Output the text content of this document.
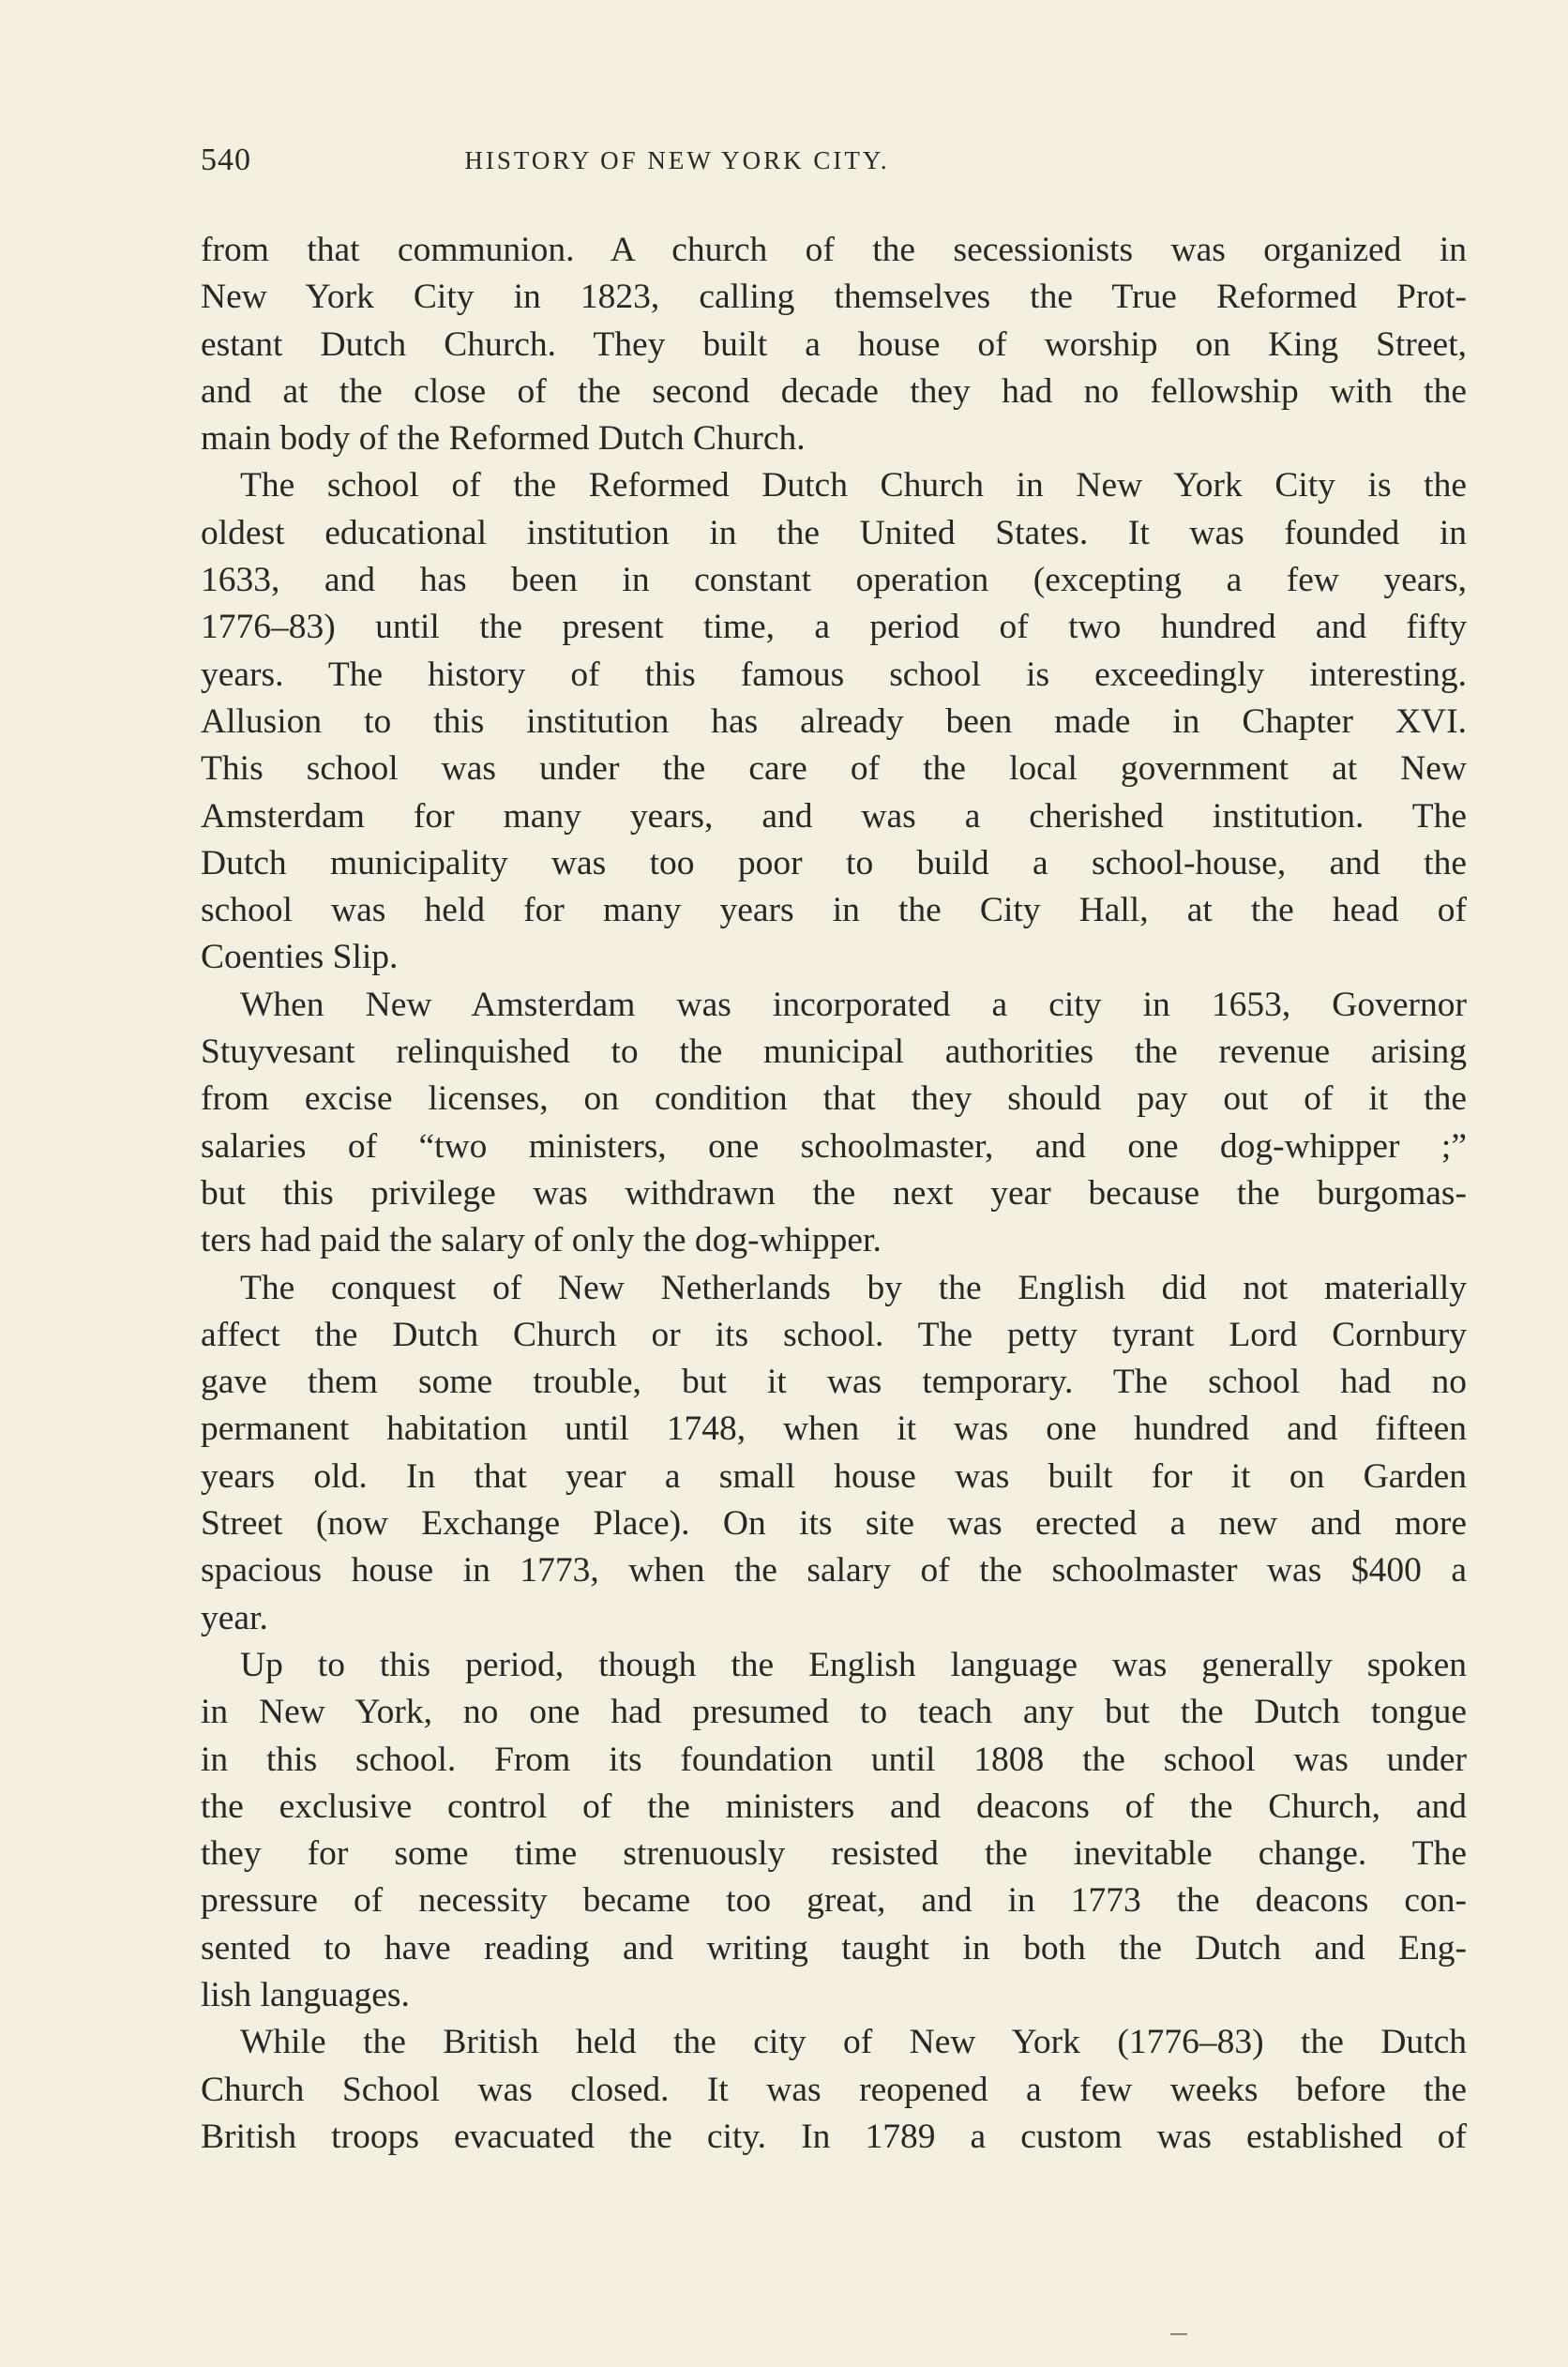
540	HISTORY OF NEW YORK CITY.
from that communion. A church of the secessionists was organized in
New York City in 1823, calling themselves the True Reformed Prot-
estant Dutch Church. They built a house of worship on King Street,
and at the close of the second decade they had no fellowship with the
main body of the Reformed Dutch Church.
The school of the Reformed Dutch Church in New York City is the
oldest educational institution in the United States. It was founded in
1633, and has been in constant operation (excepting a few years,
1776–83) until the present time, a period of two hundred and fifty
years. The history of this famous school is exceedingly interesting.
Allusion to this institution has already been made in Chapter XVI.
This school was under the care of the local government at New
Amsterdam for many years, and was a cherished institution. The
Dutch municipality was too poor to build a school-house, and the
school was held for many years in the City Hall, at the head of
Coenties Slip.
When New Amsterdam was incorporated a city in 1653, Governor
Stuyvesant relinquished to the municipal authorities the revenue arising
from excise licenses, on condition that they should pay out of it the
salaries of “two ministers, one schoolmaster, and one dog-whipper ;”
but this privilege was withdrawn the next year because the burgomas-
ters had paid the salary of only the dog-whipper.
The conquest of New Netherlands by the English did not materially
affect the Dutch Church or its school. The petty tyrant Lord Cornbury
gave them some trouble, but it was temporary. The school had no
permanent habitation until 1748, when it was one hundred and fifteen
years old. In that year a small house was built for it on Garden
Street (now Exchange Place). On its site was erected a new and more
spacious house in 1773, when the salary of the schoolmaster was $400 a
year.
Up to this period, though the English language was generally spoken
in New York, no one had presumed to teach any but the Dutch tongue
in this school. From its foundation until 1808 the school was under
the exclusive control of the ministers and deacons of the Church, and
they for some time strenuously resisted the inevitable change. The
pressure of necessity became too great, and in 1773 the deacons con-
sented to have reading and writing taught in both the Dutch and Eng-
lish languages.
While the British held the city of New York (1776–83) the Dutch
Church School was closed. It was reopened a few weeks before the
British troops evacuated the city. In 1789 a custom was established of
